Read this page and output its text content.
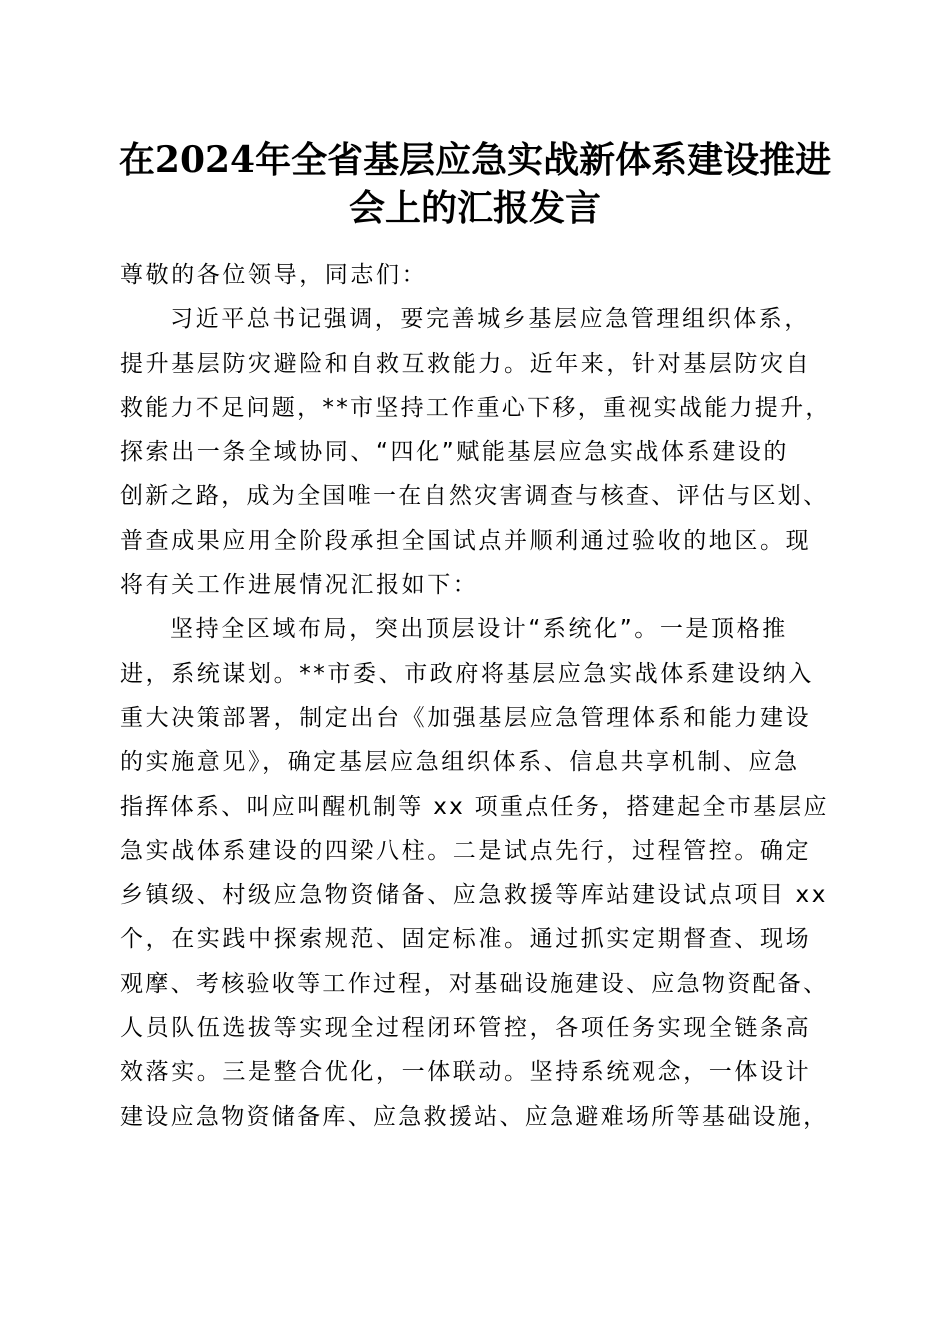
在2024年全省基层应急实战新体系建设推进
会上的汇报发言
尊敬的各位领导，同志们：
习近平总书记强调，要完善城乡基层应急管理组织体系，
提升基层防灾避险和自救互救能力。近年来，针对基层防灾自
救能力不足问题，**市坚持工作重心下移，重视实战能力提升，
探索出一条全域协同、“四化”赋能基层应急实战体系建设的
创新之路，成为全国唯一在自然灾害调查与核查、评估与区划、
普查成果应用全阶段承担全国试点并顺利通过验收的地区。现
将有关工作进展情况汇报如下：
坚持全区域布局，突出顶层设计“系统化”。一是顶格推
进，系统谋划。**市委、市政府将基层应急实战体系建设纳入
重大决策部署，制定出台《加强基层应急管理体系和能力建设
的实施意见》，确定基层应急组织体系、信息共享机制、应急
指挥体系、叫应叫醒机制等 xx 项重点任务，搭建起全市基层应
急实战体系建设的四梁八柱。二是试点先行，过程管控。确定
乡镇级、村级应急物资储备、应急救援等库站建设试点项目 xx
个，在实践中探索规范、固定标准。通过抓实定期督查、现场
观摩、考核验收等工作过程，对基础设施建设、应急物资配备、
人员队伍选拔等实现全过程闭环管控，各项任务实现全链条高
效落实。三是整合优化，一体联动。坚持系统观念，一体设计
建设应急物资储备库、应急救援站、应急避难场所等基础设施，
